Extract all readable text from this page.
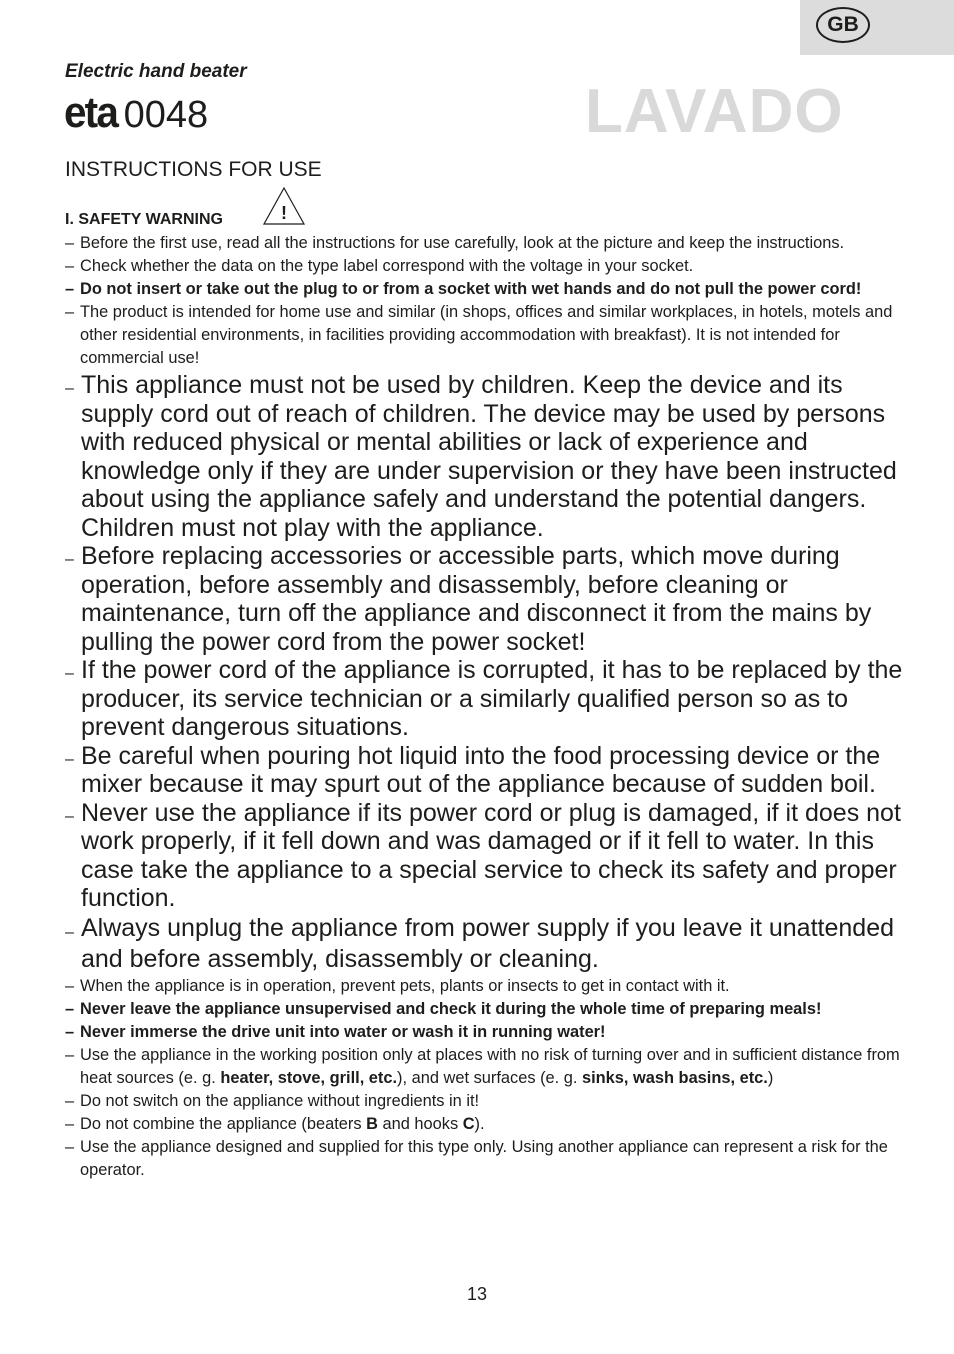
GB
Electric hand beater
eta 0048	LAVADO
INSTRUCTIONS FOR USE
I. SAFETY WARNING	!
– Before the first use, read all the instructions for use carefully, look at the picture and keep the instructions.
– Check whether the data on the type label correspond with the voltage in your socket.
– Do not insert or take out the plug to or from a socket with wet hands and do not pull the power cord!
– The product is intended for home use and similar (in shops, offices and similar workplaces, in hotels, motels and other residential environments, in facilities providing accommodation with breakfast). It is not intended for commercial use!
– This appliance must not be used by children. Keep the device and its supply cord out of reach of children. The device may be used by persons with reduced physical or mental abilities or lack of experience and knowledge only if they are under supervision or they have been instructed about using the appliance safely and understand the potential dangers. Children must not play with the appliance.
– Before replacing accessories or accessible parts, which move during operation, before assembly and disassembly, before cleaning or maintenance, turn off the appliance and disconnect it from the mains by pulling the power cord from the power socket!
– If the power cord of the appliance is corrupted, it has to be replaced by the producer, its service technician or a similarly qualified person so as to prevent dangerous situations.
– Be careful when pouring hot liquid into the food processing device or the mixer because it may spurt out of the appliance because of sudden boil.
– Never use the appliance if its power cord or plug is damaged, if it does not work properly, if it fell down and was damaged or if it fell to water. In this case take the appliance to a special service to check its safety and proper function.
– Always unplug the appliance from power supply if you leave it unattended and before assembly, disassembly or cleaning.
– When the appliance is in operation, prevent pets, plants or insects to get in contact with it.
– Never leave the appliance unsupervised and check it during the whole time of preparing meals!
– Never immerse the drive unit into water or wash it in running water!
– Use the appliance in the working position only at places with no risk of turning over and in sufficient distance from heat sources (e. g. heater, stove, grill, etc.), and wet surfaces (e. g. sinks, wash basins, etc.)
– Do not switch on the appliance without ingredients in it!
– Do not combine the appliance (beaters B and hooks C).
– Use the appliance designed and supplied for this type only. Using another appliance can represent a risk for the operator.
13
